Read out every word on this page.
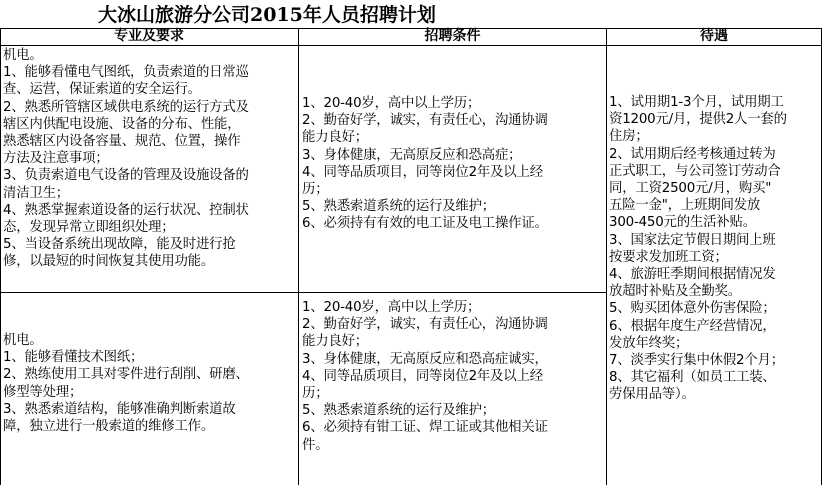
大冰山旅游分公司2015年人员招聘计划
专业及要求	招聘条件	待遇
机电。
1、能够看懂电气图纸，负责索道的日常巡
查、运营，保证索道的安全运行。
2、熟悉所管辖区域供电系统的运行方式及
辖区内供配电设施、设备的分布、性能，
熟悉辖区内设备容量、规范、位置，操作
方法及注意事项；
3、负责索道电气设备的管理及设施设备的
清洁卫生；
4、熟悉掌握索道设备的运行状况、控制状
态，发现异常立即组织处理；
5、当设备系统出现故障，能及时进行抢
修，以最短的时间恢复其使用功能。
1、20-40岁，高中以上学历；
2、勤奋好学，诚实，有责任心，沟通协调
能力良好；
3、身体健康，无高原反应和恐高症；
4、同等品质项目，同等岗位2年及以上经
历；
5、熟悉索道系统的运行及维护；
6、必须持有有效的电工证及电工操作证。
机电。
1、能够看懂技术图纸；
2、熟练使用工具对零件进行刮削、研磨、
修型等处理；
3、熟悉索道结构，能够准确判断索道故
障，独立进行一般索道的维修工作。
1、20-40岁，高中以上学历；
2、勤奋好学，诚实，有责任心，沟通协调
能力良好；
3、身体健康，无高原反应和恐高症诚实，
4、同等品质项目，同等岗位2年及以上经
历；
5、熟悉索道系统的运行及维护；
6、必须持有钳工证、焊工证或其他相关证
件。
1、试用期1-3个月，试用期工
资1200元/月，提供2人一套的
住房；
2、试用期后经考核通过转为
正式职工，与公司签订劳动合
同，工资2500元/月，购买"
五险一金"，上班期间发放
300-450元的生活补贴。
3、国家法定节假日期间上班
按要求发加班工资；
4、旅游旺季期间根据情况发
放超时补贴及全勤奖。
5、购买团体意外伤害保险；
6、根据年度生产经营情况，
发放年终奖；
7、淡季实行集中休假2个月；
8、其它福利（如员工工装、
劳保用品等）。
